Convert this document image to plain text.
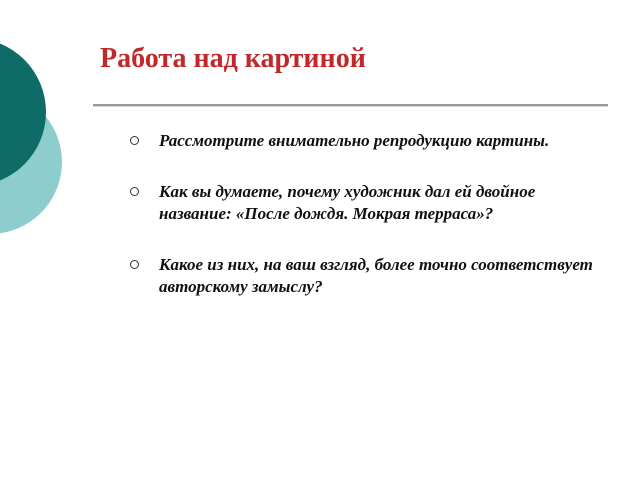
Работа над картиной
Рассмотрите внимательно репродукцию картины.
Как вы думаете, почему художник дал ей двойное название: «После дождя. Мокрая терраса»?
Какое из них, на ваш взгляд, более точно соответствует авторскому замыслу?
